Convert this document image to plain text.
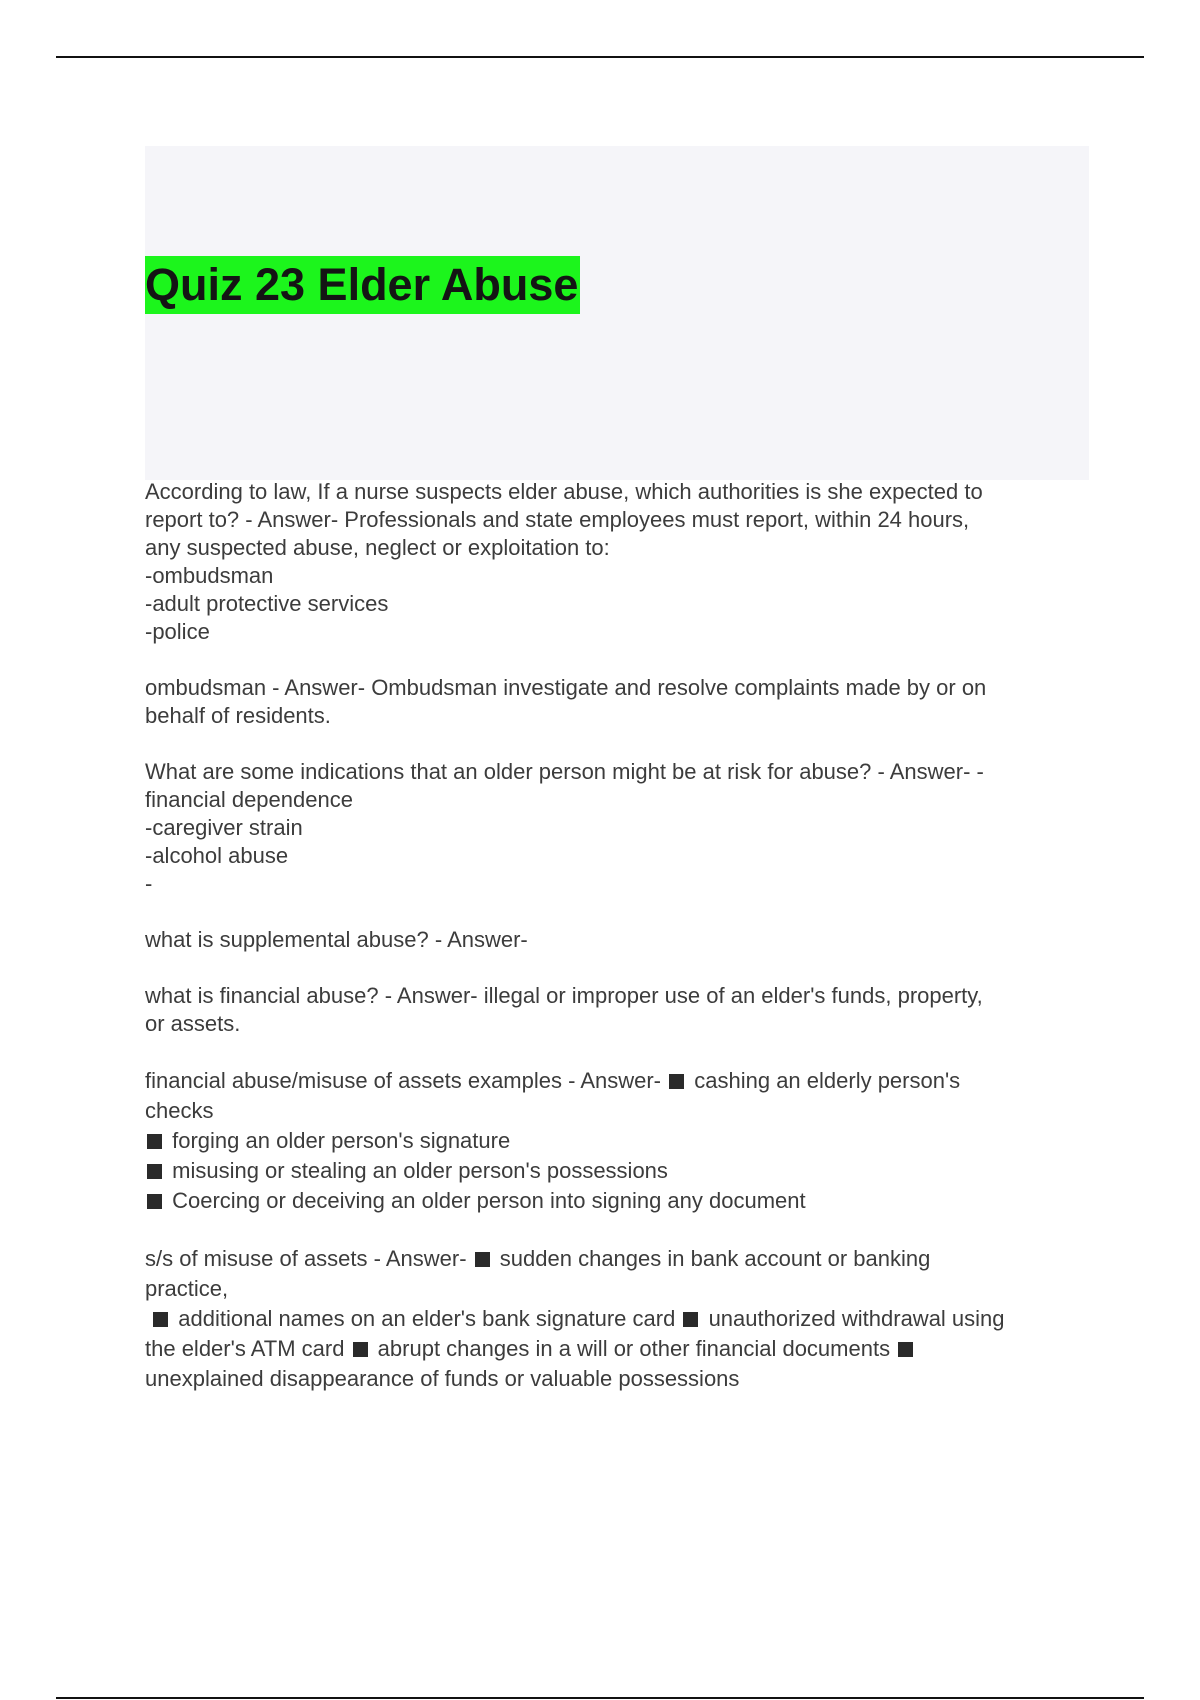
Quiz 23 Elder Abuse
According to law, If a nurse suspects elder abuse, which authorities is she expected to
report to? - Answer- Professionals and state employees must report, within 24 hours,
any suspected abuse, neglect or exploitation to:
-ombudsman
-adult protective services
-police
ombudsman - Answer- Ombudsman investigate and resolve complaints made by or on
behalf of residents.
What are some indications that an older person might be at risk for abuse? - Answer- -
financial dependence
-caregiver strain
-alcohol abuse
-
what is supplemental abuse? - Answer-
what is financial abuse? - Answer- illegal or improper use of an elder's funds, property,
or assets.
financial abuse/misuse of assets examples - Answer-  cashing an elderly person's
checks
forging an older person's signature
misusing or stealing an older person's possessions
Coercing or deceiving an older person into signing any document
s/s of misuse of assets - Answer-  sudden changes in bank account or banking
practice,
additional names on an elder's bank signature card  unauthorized withdrawal using
the elder's ATM card  abrupt changes in a will or other financial documents
unexplained disappearance of funds or valuable possessions
